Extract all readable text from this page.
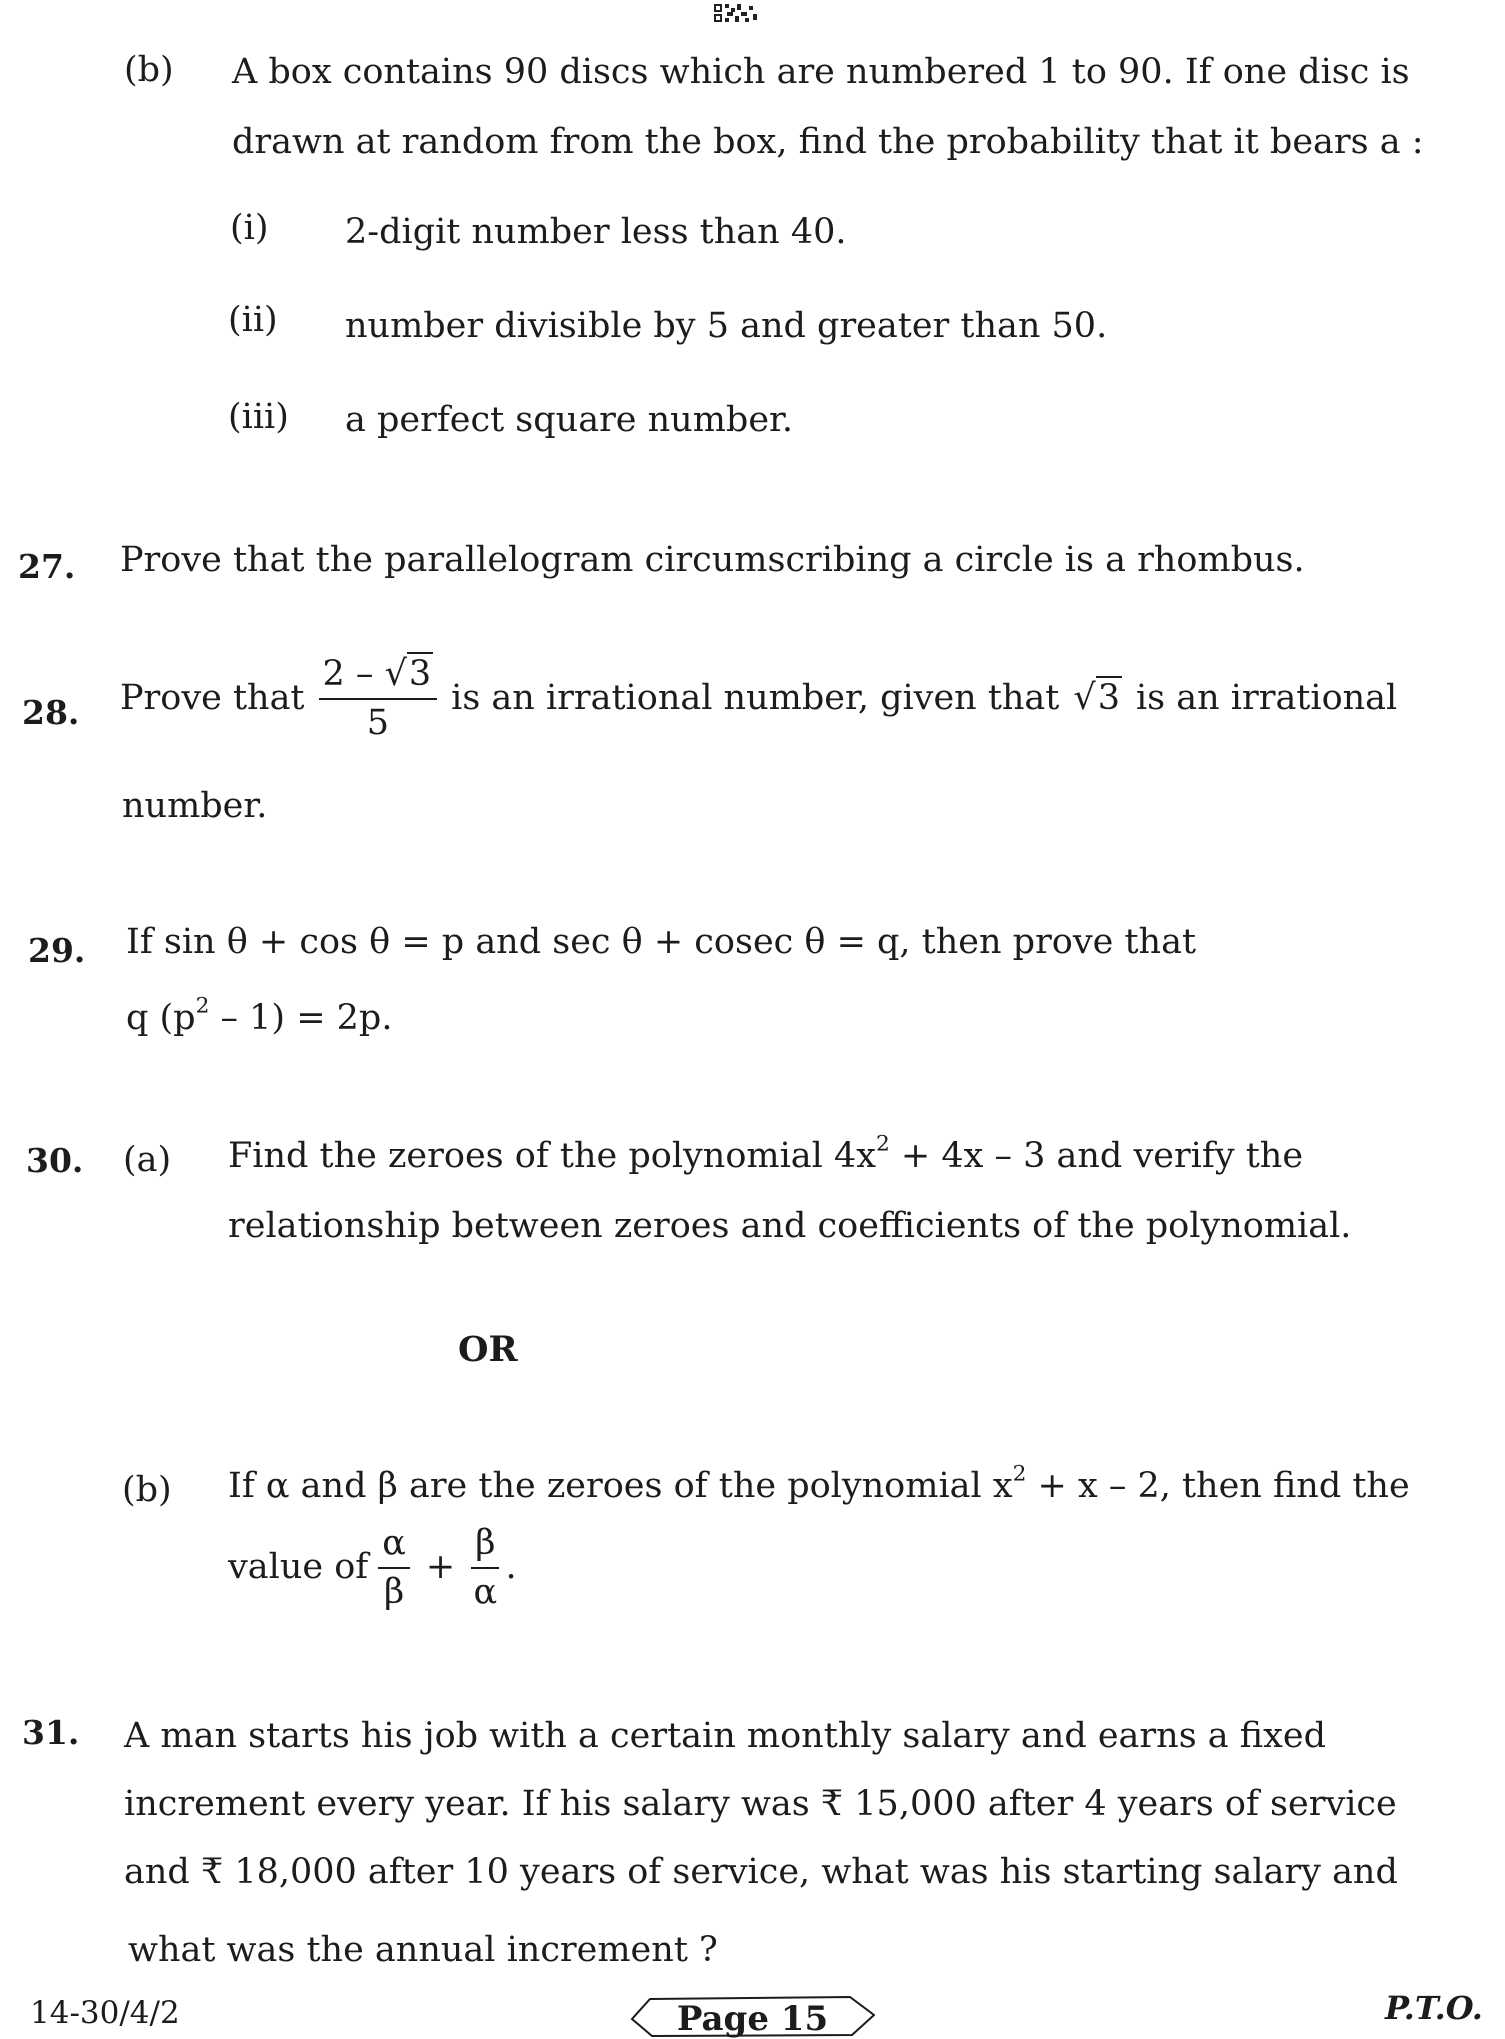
(b) A box contains 90 discs which are numbered 1 to 90. If one disc is
drawn at random from the box, find the probability that it bears a :
(i) 2-digit number less than 40.
(ii) number divisible by 5 and greater than 50.
(iii) a perfect square number.
27. Prove that the parallelogram circumscribing a circle is a rhombus.
28. Prove that $\frac{2 - √3}{5}$ is an irrational number, given that √3 is an irrational
number.
29. If sin θ + cos θ = p and sec θ + cosec θ = q, then prove that
q $(p^2 - 1) = 2p$.
30. (a) Find the zeroes of the polynomial $4x^2 + 4x - 3$ and verify the
relationship between zeroes and coefficients of the polynomial.
OR
(b) If α and β are the zeroes of the polynomial $x^2 + x - 2$, then find the
value of $\frac{\alpha}{\beta} + \frac{\beta}{\alpha}$ .
31. A man starts his job with a certain monthly salary and earns a fixed
increment every year. If his salary was ₹ 15,000 after 4 years of service
and ₹ 18,000 after 10 years of service, what was his starting salary and
what was the annual increment ?
14-30/4/2	Page 15	P.T.O.
